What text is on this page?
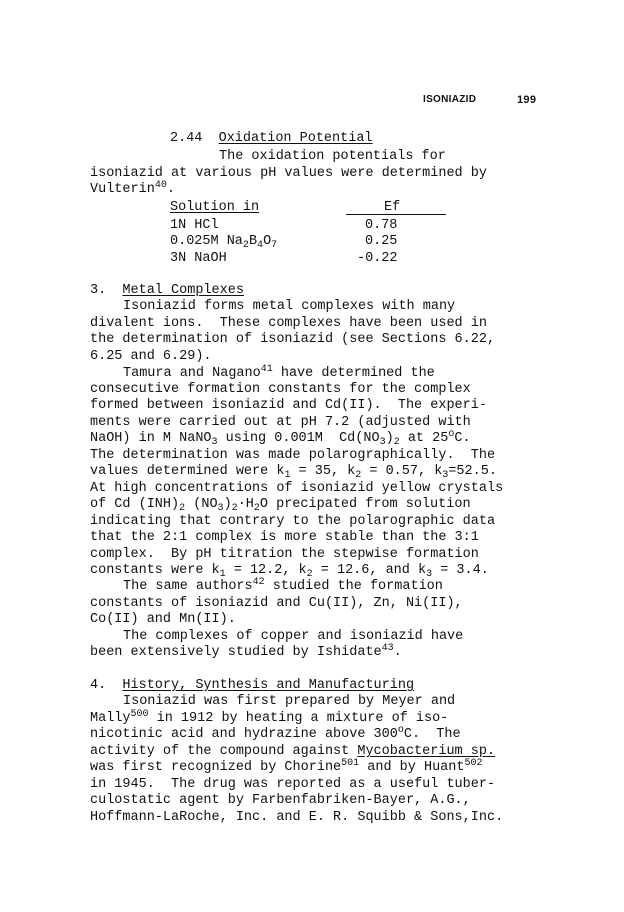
ISONIAZID	199
2.44 Oxidation Potential
The oxidation potentials for
isoniazid at various pH values were determined by
Vulterin$^{40}$.
Solution in	Ef
1N HCl	0.78
0.025M $Na_2B_4O_7$	0.25
3N NaOH	-0.22
3. Metal Complexes
Isoniazid forms metal complexes with many
divalent ions.  These complexes have been used in
the determination of isoniazid (see Sections 6.22,
6.25 and 6.29).
Tamura and Nagano$^{41}$ have determined the
consecutive formation constants for the complex
formed between isoniazid and Cd(II).  The experi-
ments were carried out at pH 7.2 (adjusted with
NaOH) in M NaNO$_3$ using 0.001M  $Cd(NO_3)_2$ at 25$^o$C.
The determination was made polarographically.  The
values determined were $k_1 = 35$, $k_2 = 0.57$, $k_3=52.5$.
At high concentrations of isoniazid yellow crystals
of Cd $(INH)_2$ $(NO_3)_2\cdot H_2O$ precipated from solution
indicating that contrary to the polarographic data
that the 2:1 complex is more stable than the 3:1
complex.  By pH titration the stepwise formation
constants were $k_1 = 12.2$, $k_2 = 12.6$, and $k_3 = 3.4$.
The same authors$^{42}$ studied the formation
constants of isoniazid and Cu(II), Zn, Ni(II),
Co(II) and Mn(II).
The complexes of copper and isoniazid have
been extensively studied by Ishidate$^{43}$.
4. History, Synthesis and Manufacturing
Isoniazid was first prepared by Meyer and
Mally$^{500}$ in 1912 by heating a mixture of iso-
nicotinic acid and hydrazine above 300$^o$C.  The
activity of the compound against Mycobacterium sp.
was first recognized by Chorine$^{501}$ and by Huant$^{502}$
in 1945.  The drug was reported as a useful tuber-
culostatic agent by Farbenfabriken-Bayer, A.G.,
Hoffmann-LaRoche, Inc. and E. R. Squibb & Sons,Inc.
